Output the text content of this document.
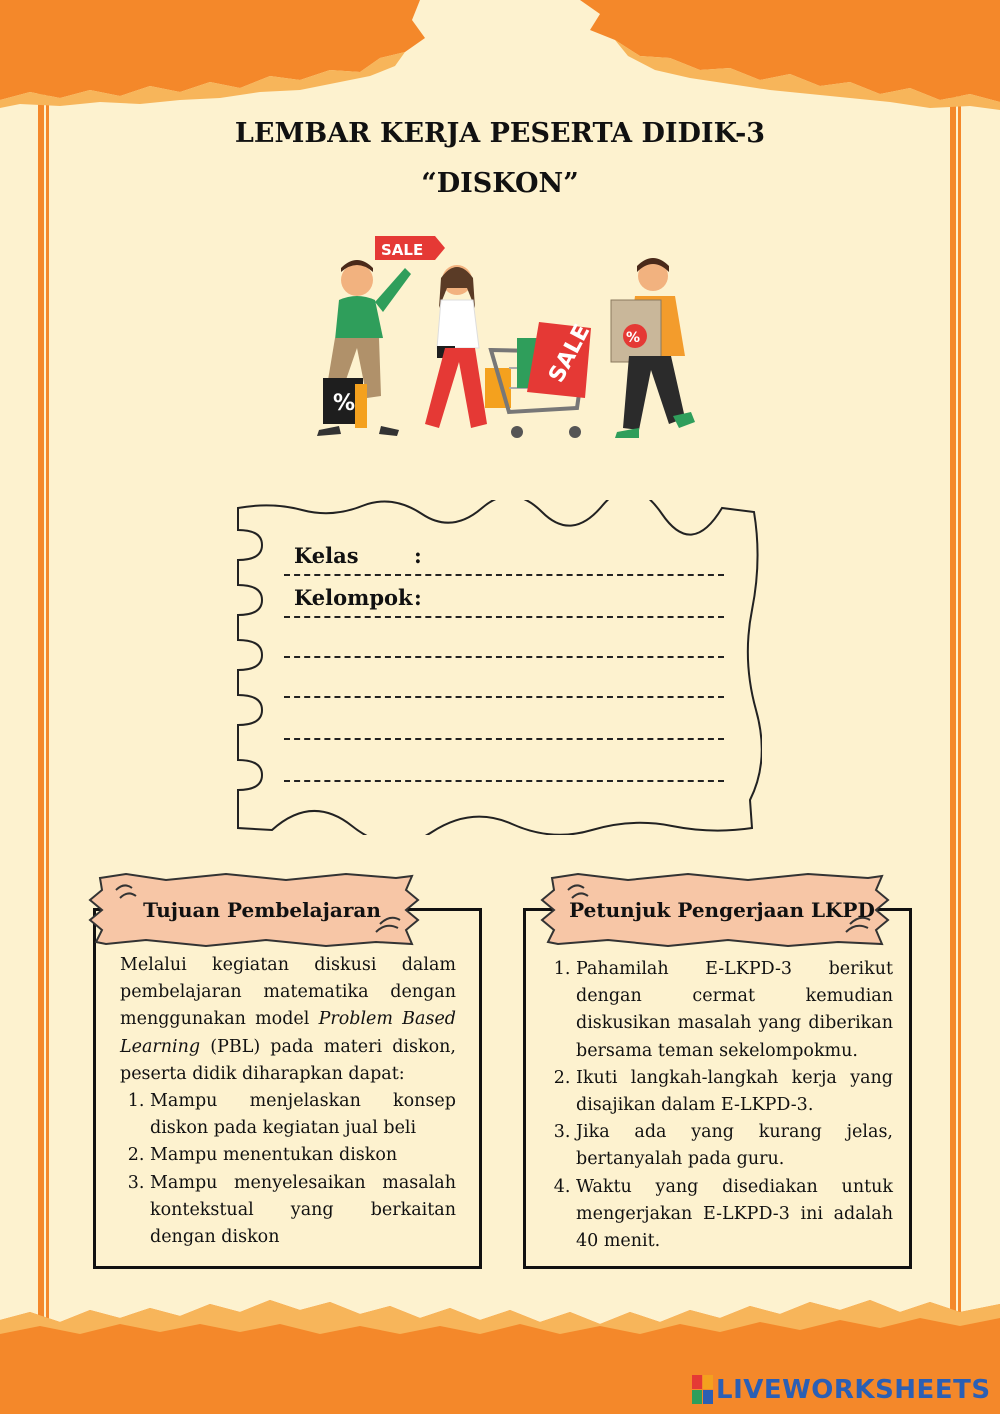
LEMBAR KERJA PESERTA DIDIK-3
“DISKON”
SALE
%
SALE %
Kelas	:
Kelompok :
Tujuan Pembelajaran
Melalui kegiatan diskusi dalam pembelajaran matematika dengan menggunakan model Problem Based Learning (PBL) pada materi diskon, peserta didik diharapkan dapat:
1. Mampu menjelaskan konsep diskon pada kegiatan jual beli
2. Mampu menentukan diskon
3. Mampu menyelesaikan masalah kontekstual yang berkaitan dengan diskon
Petunjuk Pengerjaan LKPD
1. Pahamilah E-LKPD-3 berikut dengan cermat kemudian diskusikan masalah yang diberikan bersama teman sekelompokmu.
2. Ikuti langkah-langkah kerja yang disajikan dalam E-LKPD-3.
3. Jika ada yang kurang jelas, bertanyalah pada guru.
4. Waktu yang disediakan untuk mengerjakan E-LKPD-3 ini adalah 40 menit.
LIVEWORKSHEETS
